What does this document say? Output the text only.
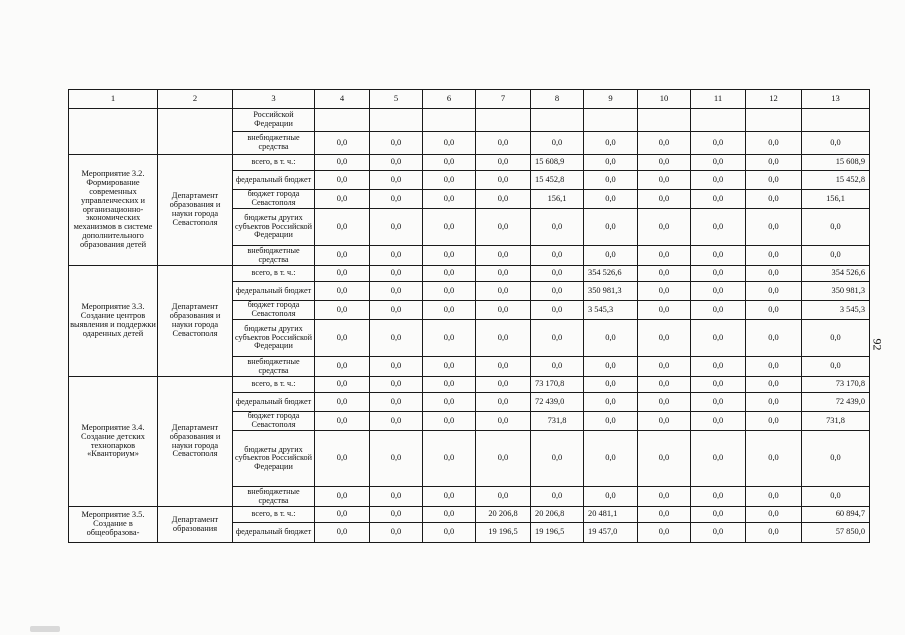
1	2	3	4	5	6	7	8	9	10	11	12	13
		Российской Федерации										
		внебюджетные средства	0,0	0,0	0,0	0,0	0,0	0,0	0,0	0,0	0,0	0,0
Мероприятие 3.2. Формирование современных управленческих и организационно-экономических механизмов в системе дополнительного образования детей	Департамент образования и науки города Севастополя	всего, в т. ч.:	0,0	0,0	0,0	0,0	15 608,9	0,0	0,0	0,0	0,0	15 608,9
		федеральный бюджет	0,0	0,0	0,0	0,0	15 452,8	0,0	0,0	0,0	0,0	15 452,8
		бюджет города Севастополя	0,0	0,0	0,0	0,0	156,1	0,0	0,0	0,0	0,0	156,1
		бюджеты других субъектов Российской Федерации	0,0	0,0	0,0	0,0	0,0	0,0	0,0	0,0	0,0	0,0
		внебюджетные средства	0,0	0,0	0,0	0,0	0,0	0,0	0,0	0,0	0,0	0,0
Мероприятие 3.3. Создание центров выявления и поддержки одаренных детей	Департамент образования и науки города Севастополя	всего, в т. ч.:	0,0	0,0	0,0	0,0	0,0	354 526,6	0,0	0,0	0,0	354 526,6
		федеральный бюджет	0,0	0,0	0,0	0,0	0,0	350 981,3	0,0	0,0	0,0	350 981,3
		бюджет города Севастополя	0,0	0,0	0,0	0,0	0,0	3 545,3	0,0	0,0	0,0	3 545,3
		бюджеты других субъектов Российской Федерации	0,0	0,0	0,0	0,0	0,0	0,0	0,0	0,0	0,0	0,0
		внебюджетные средства	0,0	0,0	0,0	0,0	0,0	0,0	0,0	0,0	0,0	0,0
Мероприятие 3.4. Создание детских технопарков «Кванториум»	Департамент образования и науки города Севастополя	всего, в т. ч.:	0,0	0,0	0,0	0,0	73 170,8	0,0	0,0	0,0	0,0	73 170,8
		федеральный бюджет	0,0	0,0	0,0	0,0	72 439,0	0,0	0,0	0,0	0,0	72 439,0
		бюджет города Севастополя	0,0	0,0	0,0	0,0	731,8	0,0	0,0	0,0	0,0	731,8
		бюджеты других субъектов Российской Федерации	0,0	0,0	0,0	0,0	0,0	0,0	0,0	0,0	0,0	0,0
		внебюджетные средства	0,0	0,0	0,0	0,0	0,0	0,0	0,0	0,0	0,0	0,0
Мероприятие 3.5. Создание в общеобразова-	Департамент образования	всего, в т. ч.:	0,0	0,0	0,0	20 206,8	20 206,8	20 481,1	0,0	0,0	0,0	60 894,7
		федеральный бюджет	0,0	0,0	0,0	19 196,5	19 196,5	19 457,0	0,0	0,0	0,0	57 850,0
92
